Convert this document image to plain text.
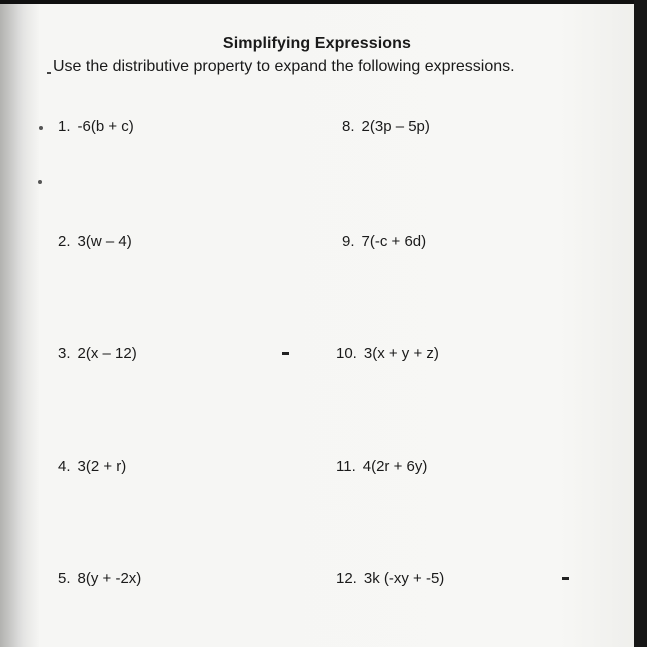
Simplifying Expressions
Use the distributive property to expand the following expressions.
1. -6(b + c)
2. 3(w – 4)
3. 2(x – 12)
4. 3(2 + r)
5. 8(y + -2x)
8. 2(3p – 5p)
9. 7(-c + 6d)
10. 3(x + y + z)
11. 4(2r + 6y)
12. 3k (-xy + -5)
